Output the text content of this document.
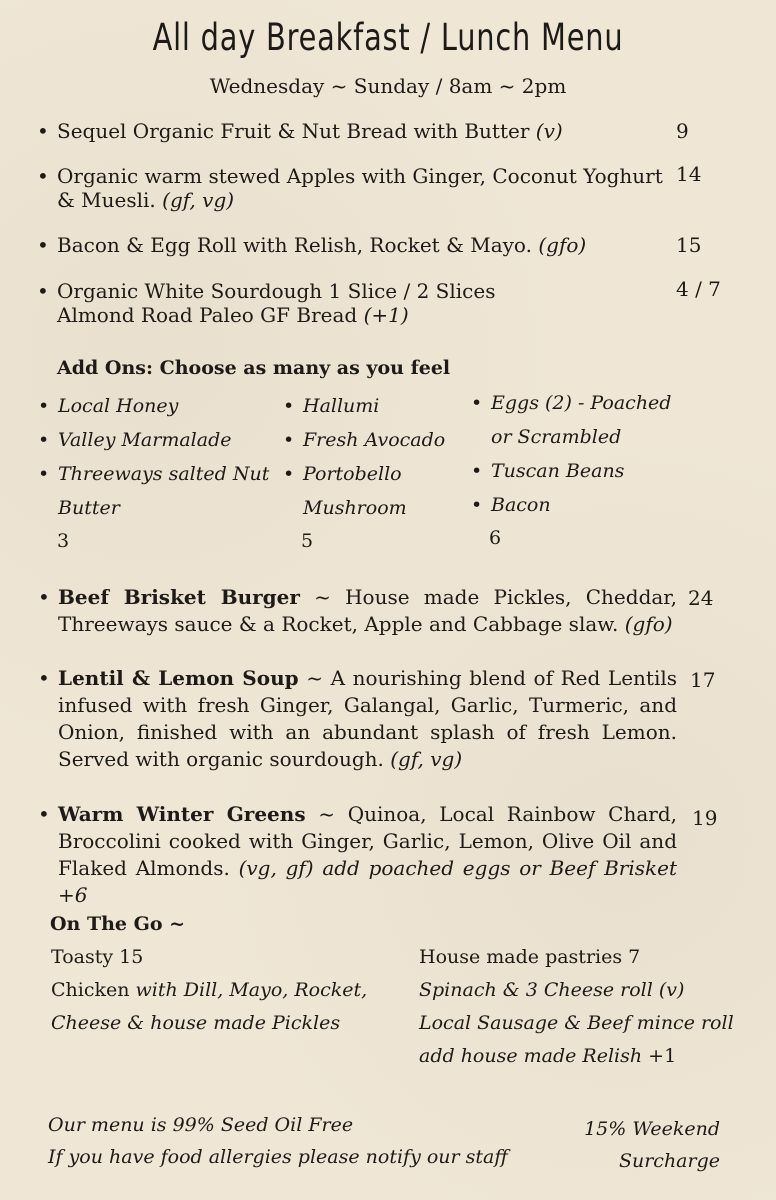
All day Breakfast / Lunch Menu
Wednesday ~ Sunday / 8am ~ 2pm
• Sequel Organic Fruit & Nut Bread with Butter (v)	9
• Organic warm stewed Apples with Ginger, Coconut Yoghurt
& Muesli. (gf, vg)
14
• Bacon & Egg Roll with Relish, Rocket & Mayo. (gfo)	15
• Organic White Sourdough 1 Slice / 2 Slices
Almond Road Paleo GF Bread (+1)
4 / 7
Add Ons: Choose as many as you feel
• Local Honey
• Valley Marmalade
• Threeways salted Nut
Butter
3
• Hallumi
• Fresh Avocado
• Portobello
Mushroom
5
• Eggs (2) - Poached
or Scrambled
• Tuscan Beans
• Bacon
6
• Beef Brisket Burger ~ House made Pickles, Cheddar, Threeways sauce & a Rocket, Apple and Cabbage slaw. (gfo)
24
• Lentil & Lemon Soup ~ A nourishing blend of Red Lentils infused with fresh Ginger, Galangal, Garlic, Turmeric, and Onion, finished with an abundant splash of fresh Lemon. Served with organic sourdough. (gf, vg)
17
• Warm Winter Greens ~ Quinoa, Local Rainbow Chard, Broccolini cooked with Ginger, Garlic, Lemon, Olive Oil and Flaked Almonds. (vg, gf) add poached eggs or Beef Brisket +6
19
On The Go ~
Toasty 15
Chicken with Dill, Mayo, Rocket,
Cheese & house made Pickles
House made pastries 7
Spinach & 3 Cheese roll (v)
Local Sausage & Beef mince roll
add house made Relish +1
Our menu is 99% Seed Oil Free
If you have food allergies please notify our staff
15% Weekend
Surcharge
